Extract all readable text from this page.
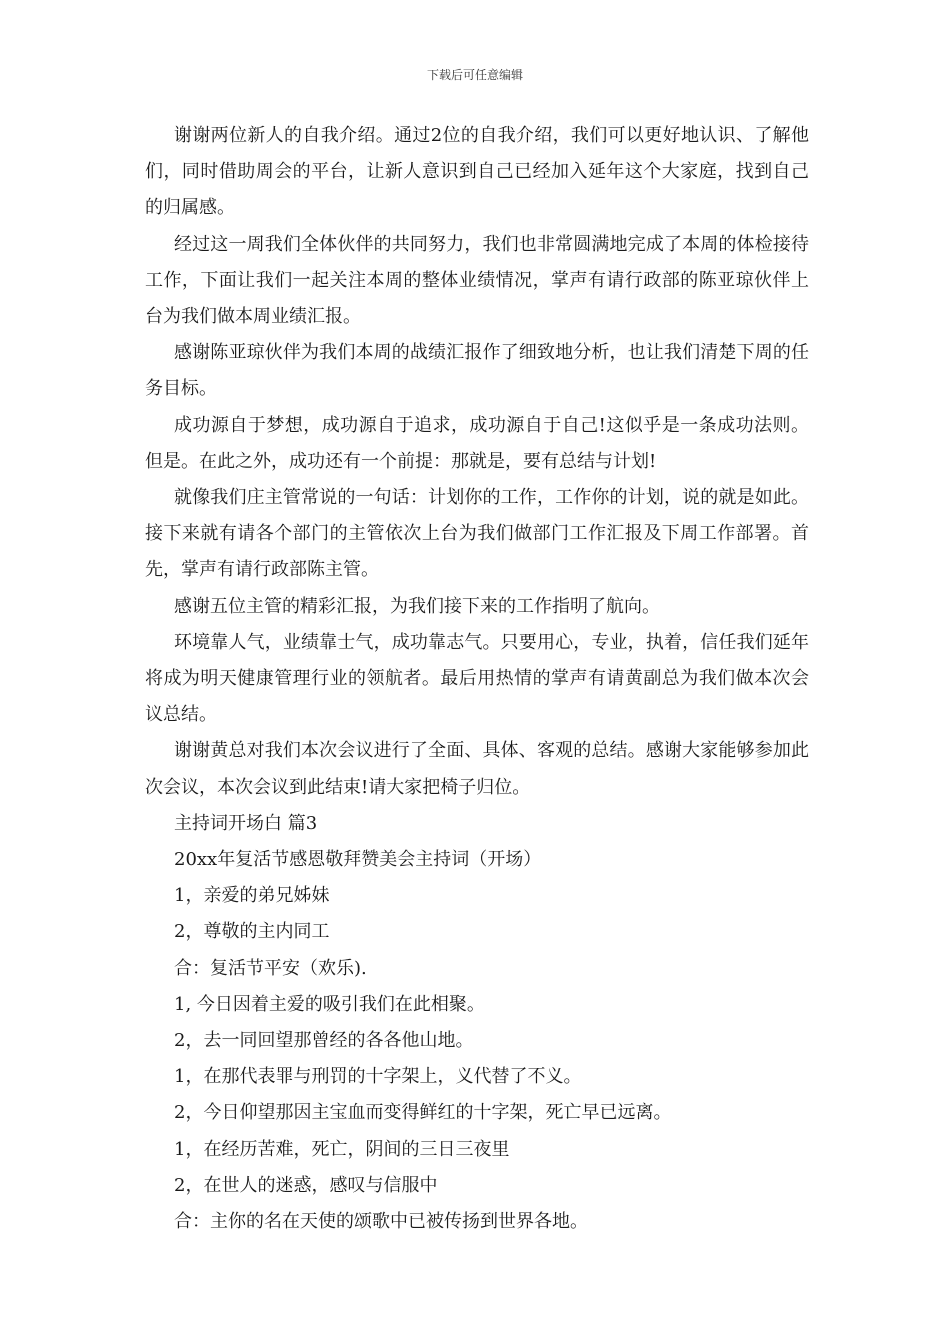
下载后可任意编辑

谢谢两位新人的自我介绍。通过2位的自我介绍，我们可以更好地认识、了解他们，同时借助周会的平台，让新人意识到自己已经加入延年这个大家庭，找到自己的归属感。

经过这一周我们全体伙伴的共同努力，我们也非常圆满地完成了本周的体检接待工作，下面让我们一起关注本周的整体业绩情况，掌声有请行政部的陈亚琼伙伴上台为我们做本周业绩汇报。

感谢陈亚琼伙伴为我们本周的战绩汇报作了细致地分析，也让我们清楚下周的任务目标。

成功源自于梦想，成功源自于追求，成功源自于自己!这似乎是一条成功法则。但是。在此之外，成功还有一个前提：那就是，要有总结与计划!

就像我们庄主管常说的一句话：计划你的工作，工作你的计划，说的就是如此。接下来就有请各个部门的主管依次上台为我们做部门工作汇报及下周工作部署。首先，掌声有请行政部陈主管。

感谢五位主管的精彩汇报，为我们接下来的工作指明了航向。

环境靠人气，业绩靠士气，成功靠志气。只要用心，专业，执着，信任我们延年将成为明天健康管理行业的领航者。最后用热情的掌声有请黄副总为我们做本次会议总结。

谢谢黄总对我们本次会议进行了全面、具体、客观的总结。感谢大家能够参加此次会议，本次会议到此结束!请大家把椅子归位。

主持词开场白 篇3

20xx年复活节感恩敬拜赞美会主持词（开场）

1，亲爱的弟兄姊妹

2，尊敬的主内同工

合：复活节平安（欢乐).

1, 今日因着主爱的吸引我们在此相聚。

2，去一同回望那曾经的各各他山地。

1，在那代表罪与刑罚的十字架上，义代替了不义。

2，今日仰望那因主宝血而变得鲜红的十字架，死亡早已远离。

1，在经历苦难，死亡，阴间的三日三夜里

2，在世人的迷惑，感叹与信服中

合：主你的名在天使的颂歌中已被传扬到世界各地。
